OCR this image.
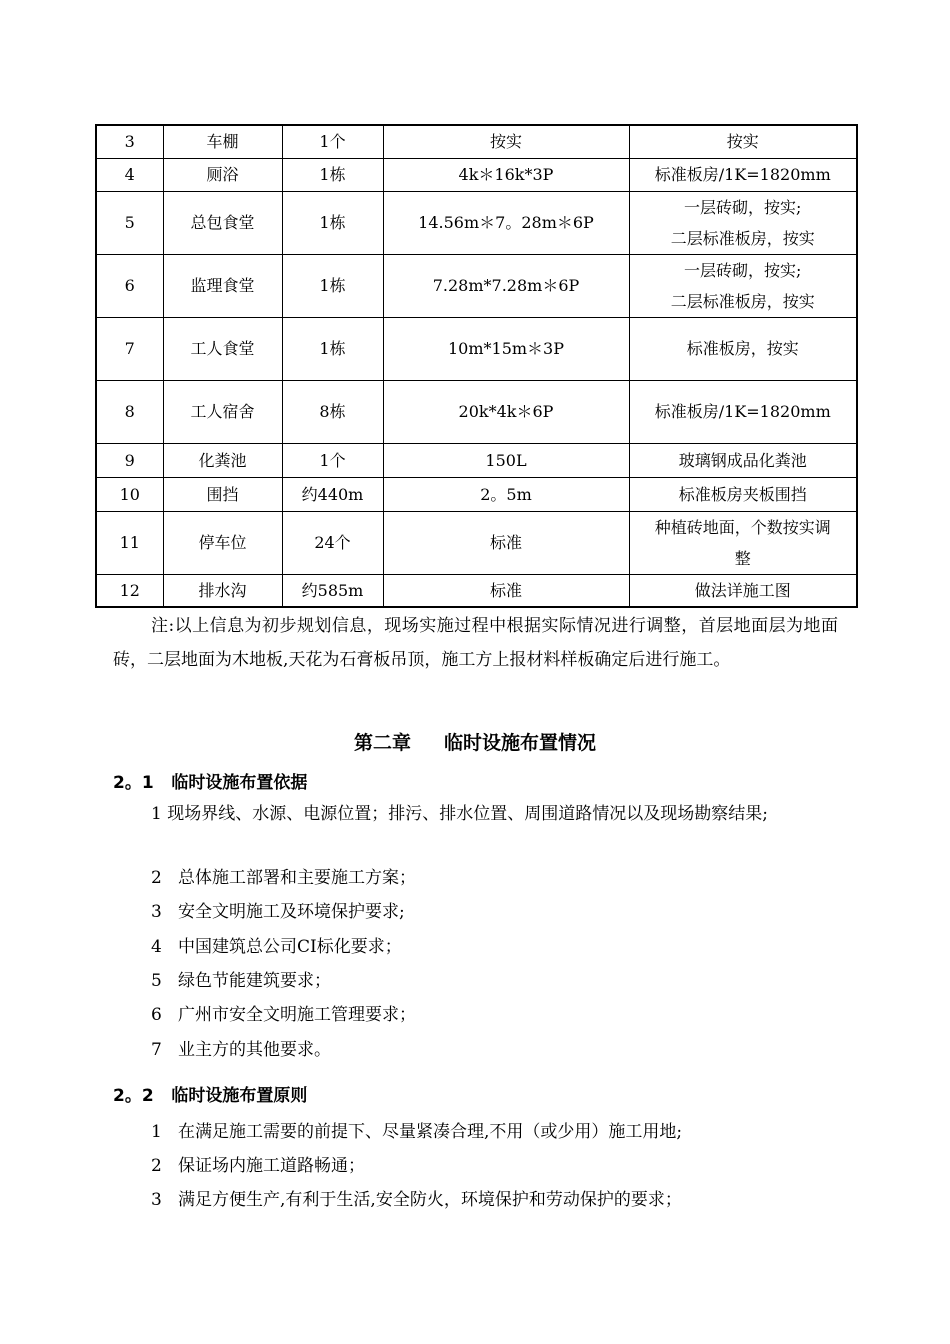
3	车棚	1个	按实	按实
4	厕浴	1栋	4k＊16k*3P	标准板房/1K=1820mm
5	总包食堂	1栋	14.56m＊7。28m＊6P	一层砖砌，按实;
二层标准板房，按实

6	监理食堂	1栋	7.28m*7.28m＊6P	一层砖砌，按实;
二层标准板房，按实

7	工人食堂	1栋	10m*15m＊3P	标准板房，按实
8	工人宿舍	8栋	20k*4k＊6P	标准板房/1K=1820mm
9	化粪池	1个	150L	玻璃钢成品化粪池
10	围挡	约440m	2。5m	标准板房夹板围挡
11	停车位	24个	标准	种植砖地面，个数按实调
整

12	排水沟	约585m	标准	做法详施工图

注:以上信息为初步规划信息，现场实施过程中根据实际情况进行调整，首层地面层为地面砖，二层地面为木地板,天花为石膏板吊顶，施工方上报材料样板确定后进行施工。

第二章     临时设施布置情况
2。1   临时设施布置依据

1 现场界线、水源、电源位置；排污、排水位置、周围道路情况以及现场勘察结果;

2   总体施工部署和主要施工方案；

3   安全文明施工及环境保护要求;

4   中国建筑总公司CI标化要求；

5   绿色节能建筑要求；

6   广州市安全文明施工管理要求；

7   业主方的其他要求。

2。2   临时设施布置原则

1   在满足施工需要的前提下、尽量紧凑合理,不用（或少用）施工用地;

2   保证场内施工道路畅通；

3   满足方便生产,有利于生活,安全防火，环境保护和劳动保护的要求；
